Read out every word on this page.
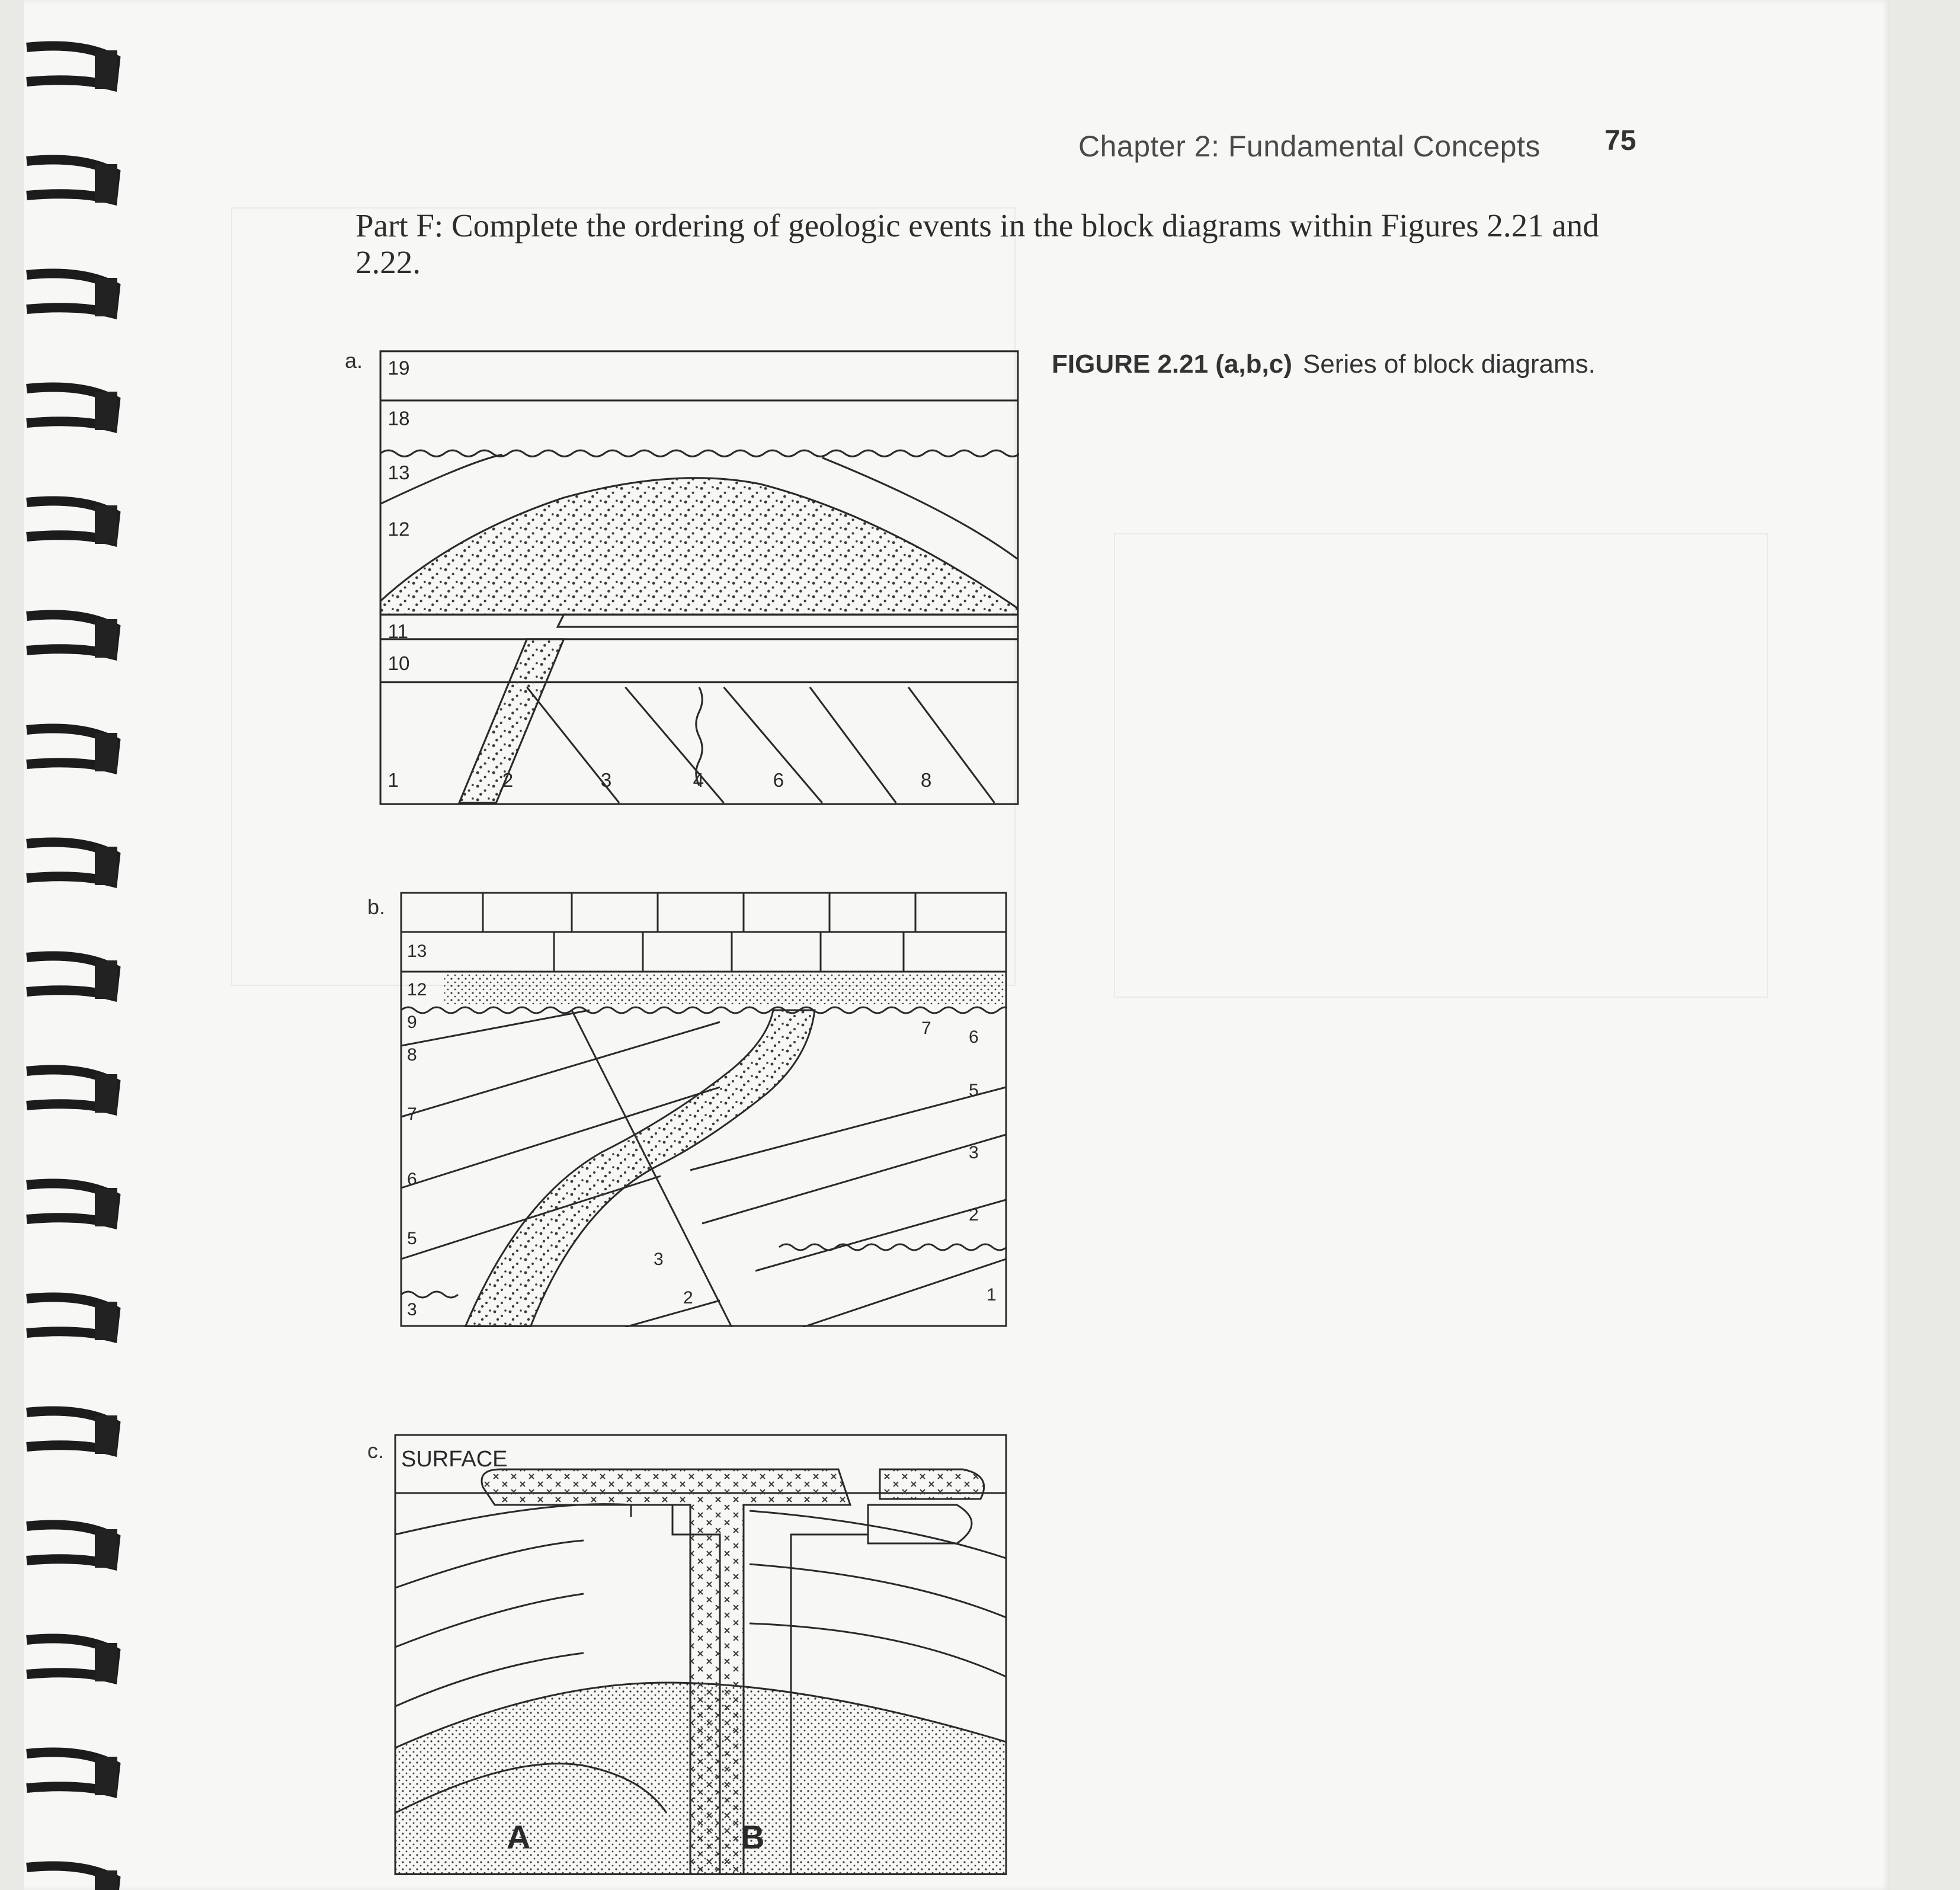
Chapter 2: Fundamental Concepts 75
Part F: Complete the ordering of geologic events in the block diagrams within Figures 2.21 and 2.22.
FIGURE 2.21 (a,b,c) Series of block diagrams.
a. 19
18
13
12
11
10
1	2	3	4	6	8
b.
13
12
9
8
7
6
5
3
3
2
7 6
5
3
2
1
c. SURFACE
A	B
